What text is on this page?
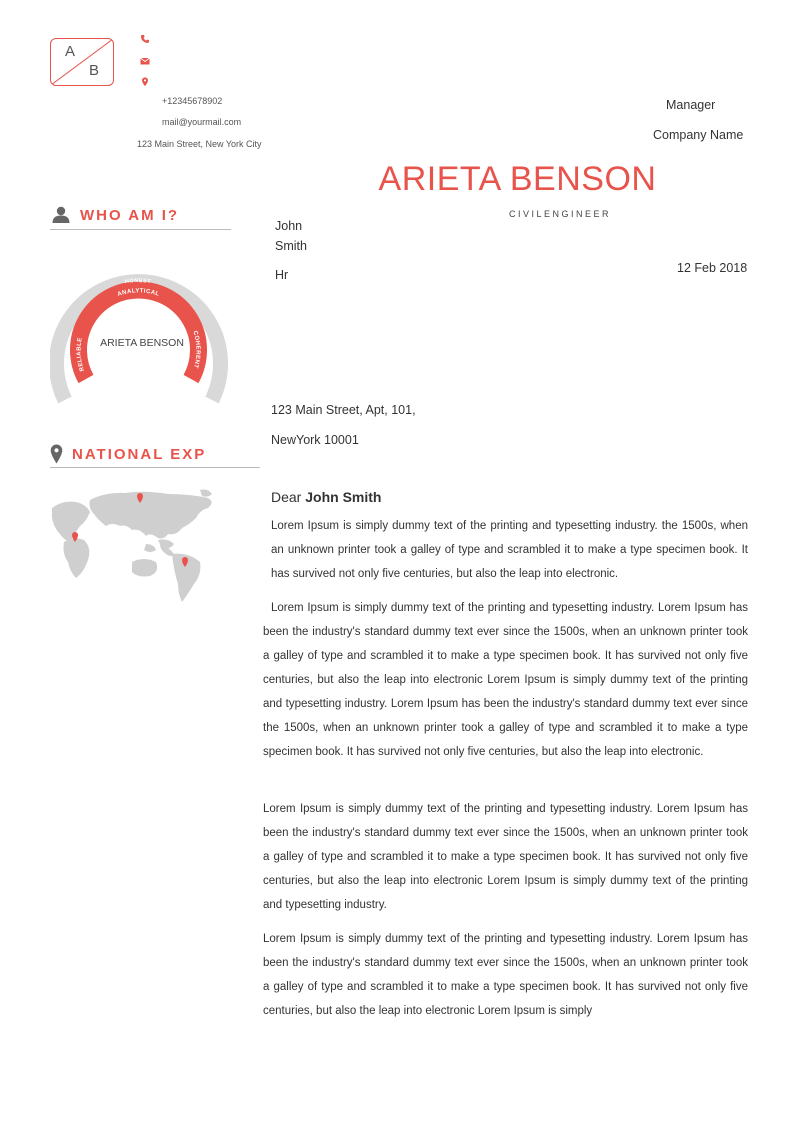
A
B
+12345678902
mail@yourmail.com
123 Main Street, New York City
Manager
Company Name
ARIETA BENSON
CIVILENGINEER
WHO AM I?
HONEST
RELIABLE
ANALYTICAL
COHERENT
ARIETA BENSON
NATIONAL EXP
John
Smith
Hr	12 Feb 2018
123 Main Street, Apt, 101,
NewYork 10001
Dear John Smith
Lorem Ipsum is simply dummy text of the printing and typesetting industry. the 1500s, when an unknown printer took a galley of type and scrambled it to make a type specimen book. It has survived not only five centuries, but also the leap into electronic.
Lorem Ipsum is simply dummy text of the printing and typesetting industry. Lorem Ipsum has been the industry's standard dummy text ever since the 1500s, when an unknown printer took a galley of type and scrambled it to make a type specimen book. It has survived not only five centuries, but also the leap into electronic Lorem Ipsum is simply dummy text of the printing and typesetting industry. Lorem Ipsum has been the industry's standard dummy text ever since the 1500s, when an unknown printer took a galley of type and scrambled it to make a type specimen book. It has survived not only five centuries, but also the leap into electronic.
Lorem Ipsum is simply dummy text of the printing and typesetting industry. Lorem Ipsum has been the industry's standard dummy text ever since the 1500s, when an unknown printer took a galley of type and scrambled it to make a type specimen book. It has survived not only five centuries, but also the leap into electronic Lorem Ipsum is simply dummy text of the printing and typesetting industry.
Lorem Ipsum is simply dummy text of the printing and typesetting industry. Lorem Ipsum has been the industry's standard dummy text ever since the 1500s, when an unknown printer took a galley of type and scrambled it to make a type specimen book. It has survived not only five centuries, but also the leap into electronic Lorem Ipsum is simply
